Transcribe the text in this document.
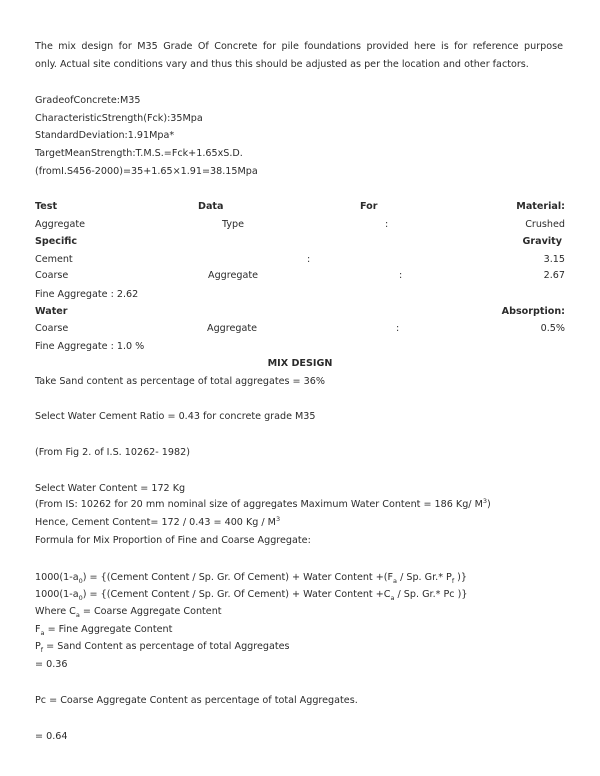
The mix design for M35 Grade Of Concrete for pile foundations provided here is for reference purpose
only. Actual site conditions vary and thus this should be adjusted as per the location and other factors.
GradeofConcrete:M35
CharacteristicStrength(Fck):35Mpa
StandardDeviation:1.91Mpa*
TargetMeanStrength:T.M.S.=Fck+1.65xS.D.
(fromI.S456-2000)=35+1.65×1.91=38.15Mpa
Test	Data	For	Material:
Aggregate	Type	:	Crushed
Specific	Gravity
Cement	:	3.15
Coarse	Aggregate	:	2.67
Fine Aggregate : 2.62
Water	Absorption:
Coarse	Aggregate	:	0.5%
Fine Aggregate : 1.0 %
MIX DESIGN
Take Sand content as percentage of total aggregates = 36%
Select Water Cement Ratio = 0.43 for concrete grade M35
(From Fig 2. of I.S. 10262- 1982)
Select Water Content = 172 Kg
(From IS: 10262 for 20 mm nominal size of aggregates Maximum Water Content = 186 Kg/ $M^3$)
Hence, Cement Content= 172 / 0.43 = 400 Kg / $M^3$
Formula for Mix Proportion of Fine and Coarse Aggregate:
$1000(1-a_0)$ = {(Cement Content / Sp. Gr. Of Cement) + Water Content $+(F_a / Sp$. Gr.* $P_f$ )}
$1000(1-a_0)$ = {(Cement Content / Sp. Gr. Of Cement) + Water Content $+C_a / Sp$. Gr.* Pc )}
Where $C_a$ = Coarse Aggregate Content
$F_a$ = Fine Aggregate Content
$P_f$ = Sand Content as percentage of total Aggregates
= 0.36
Pc = Coarse Aggregate Content as percentage of total Aggregates.
= 0.64
